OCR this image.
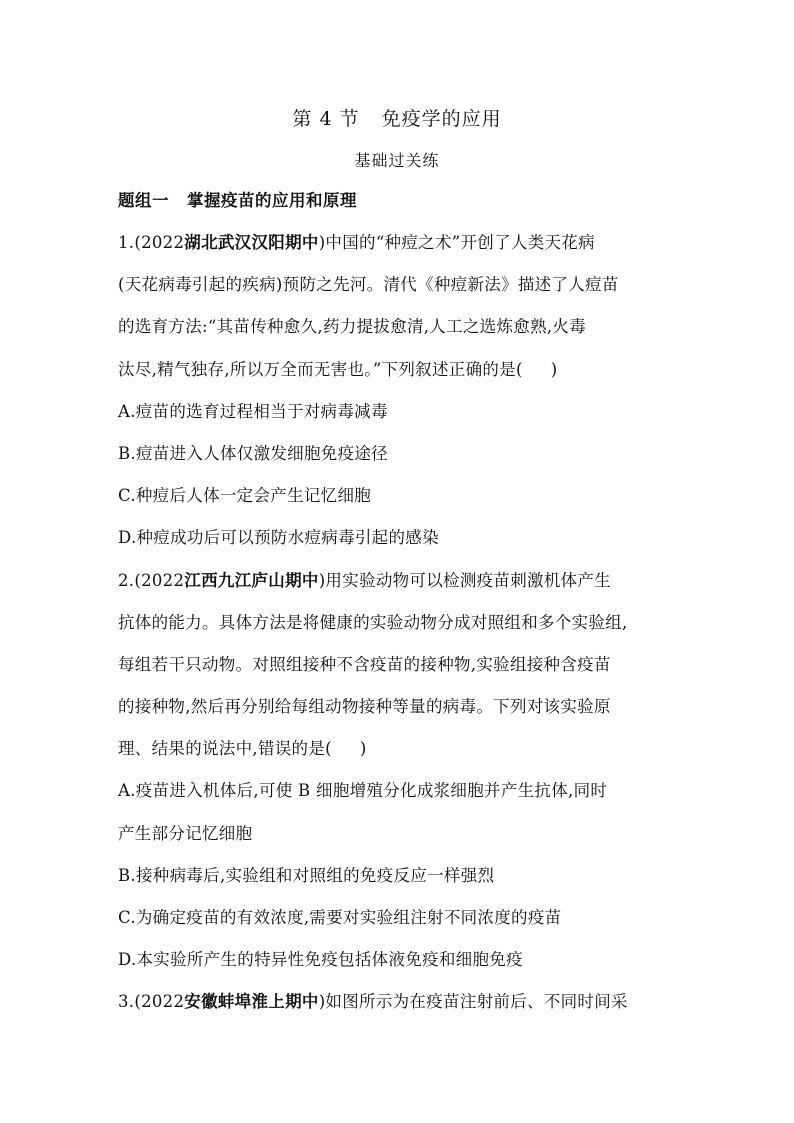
第 4 节 免疫学的应用
基础过关练
题组一 掌握疫苗的应用和原理
1.(2022湖北武汉汉阳期中)中国的“种痘之术”开创了人类天花病
(天花病毒引起的疾病)预防之先河。清代《种痘新法》描述了人痘苗
的选育方法:“其苗传种愈久,药力提拔愈清,人工之选炼愈熟,火毒
汰尽,精气独存,所以万全而无害也。”下列叙述正确的是( )
A.痘苗的选育过程相当于对病毒减毒
B.痘苗进入人体仅激发细胞免疫途径
C.种痘后人体一定会产生记忆细胞
D.种痘成功后可以预防水痘病毒引起的感染
2.(2022江西九江庐山期中)用实验动物可以检测疫苗刺激机体产生
抗体的能力。具体方法是将健康的实验动物分成对照组和多个实验组,
每组若干只动物。对照组接种不含疫苗的接种物,实验组接种含疫苗
的接种物,然后再分别给每组动物接种等量的病毒。下列对该实验原
理、结果的说法中,错误的是( )
A.疫苗进入机体后,可使 B 细胞增殖分化成浆细胞并产生抗体,同时
产生部分记忆细胞
B.接种病毒后,实验组和对照组的免疫反应一样强烈
C.为确定疫苗的有效浓度,需要对实验组注射不同浓度的疫苗
D.本实验所产生的特异性免疫包括体液免疫和细胞免疫
3.(2022安徽蚌埠淮上期中)如图所示为在疫苗注射前后、不同时间采
